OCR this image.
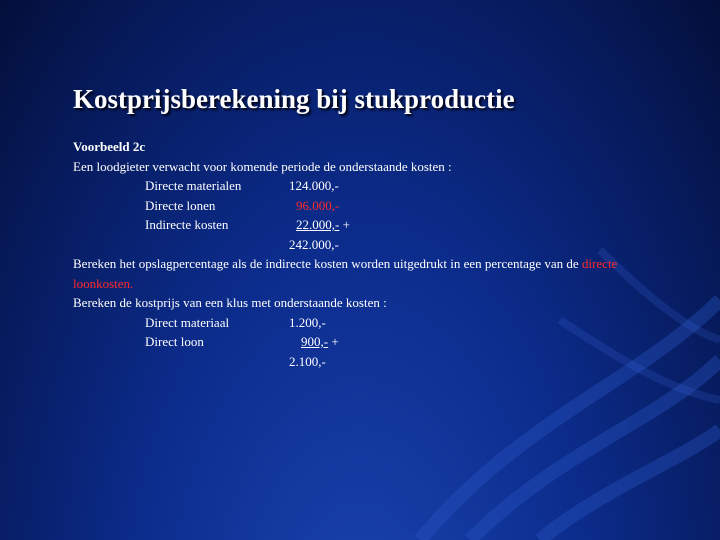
Kostprijsberekening bij stukproductie
Voorbeeld 2c
Een loodgieter verwacht voor komende periode de onderstaande kosten :
Directe materialen	124.000,-
Directe lonen	96.000,-
Indirecte kosten	22.000,- +
242.000,-
Bereken het opslagpercentage als de indirecte kosten worden uitgedrukt in een percentage van de directe loonkosten.
Bereken de kostprijs van een klus met onderstaande kosten :
Direct materiaal	1.200,-
Direct loon	900,- +
2.100,-
